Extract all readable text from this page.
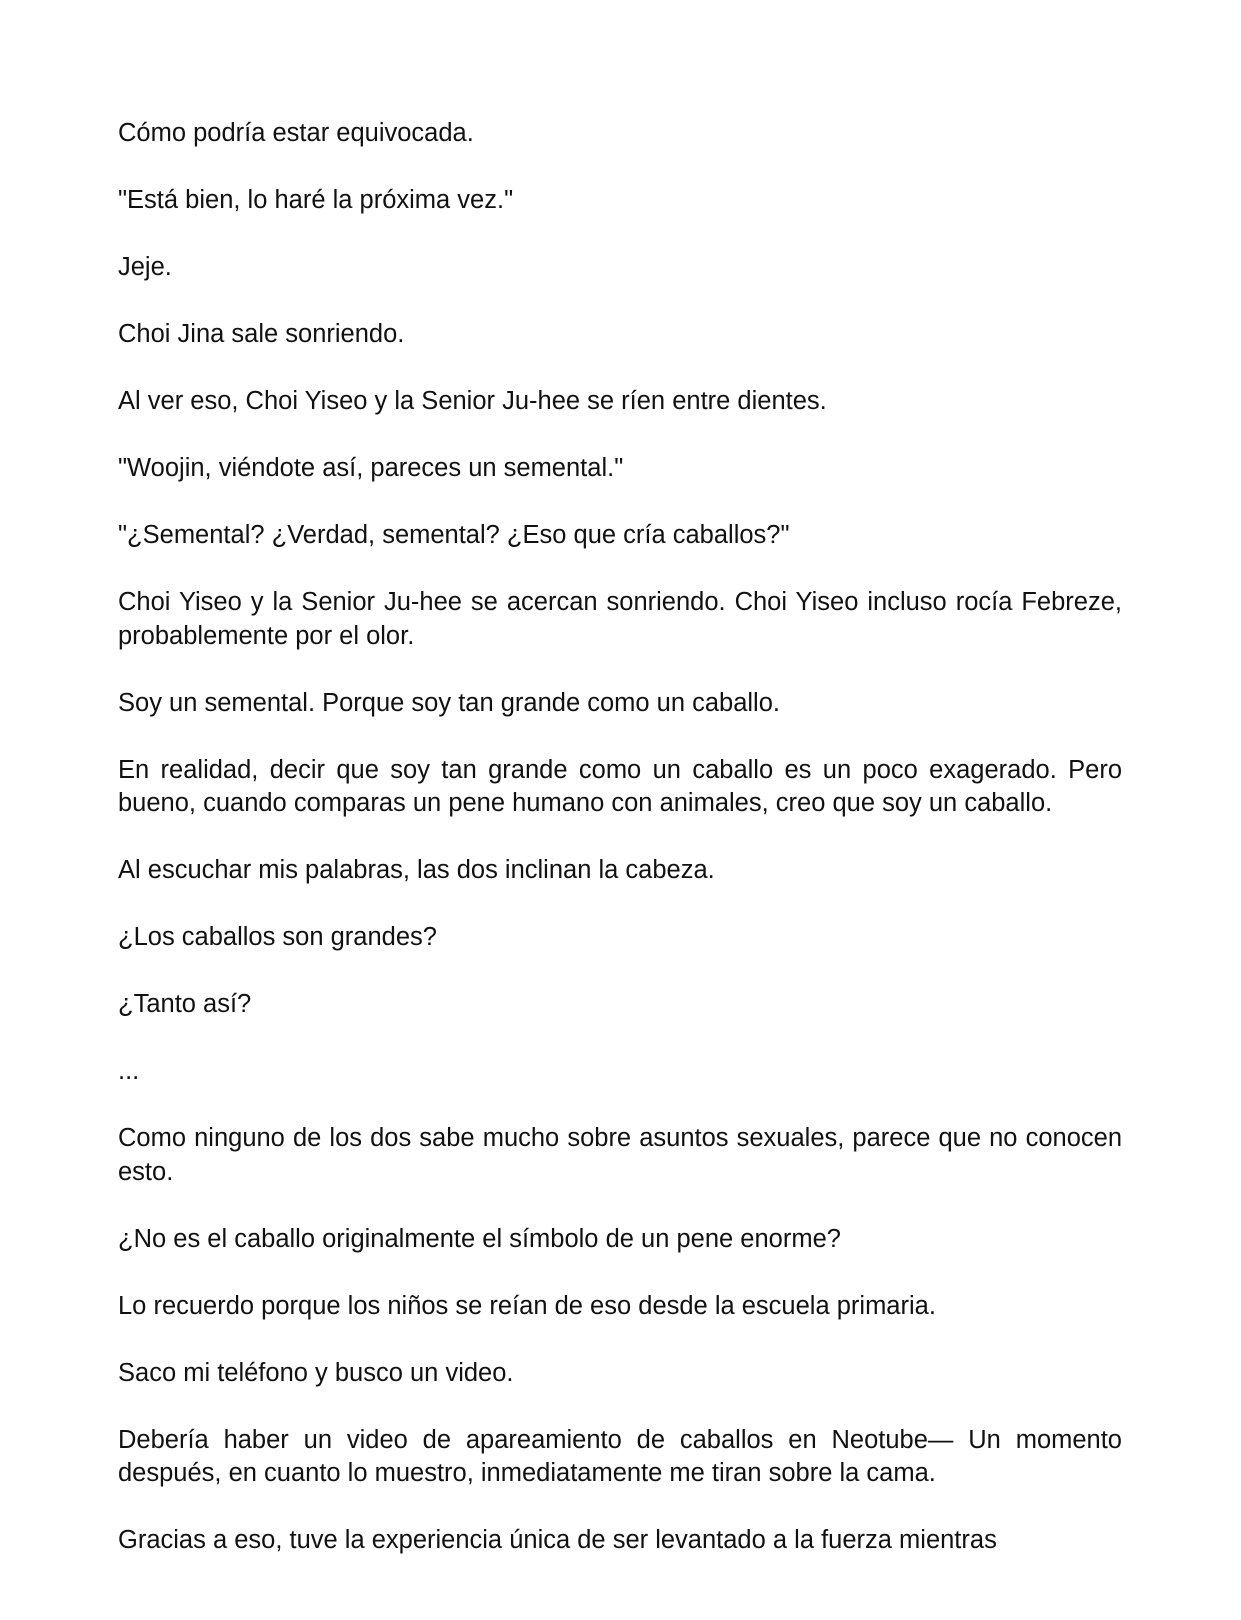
Cómo podría estar equivocada.

"Está bien, lo haré la próxima vez."

Jeje.

Choi Jina sale sonriendo.

Al ver eso, Choi Yiseo y la Senior Ju-hee se ríen entre dientes.

"Woojin, viéndote así, pareces un semental."

"¿Semental? ¿Verdad, semental? ¿Eso que cría caballos?"

Choi Yiseo y la Senior Ju-hee se acercan sonriendo. Choi Yiseo incluso rocía Febreze, probablemente por el olor.

Soy un semental. Porque soy tan grande como un caballo.

En realidad, decir que soy tan grande como un caballo es un poco exagerado. Pero bueno, cuando comparas un pene humano con animales, creo que soy un caballo.

Al escuchar mis palabras, las dos inclinan la cabeza.

¿Los caballos son grandes?

¿Tanto así?

...

Como ninguno de los dos sabe mucho sobre asuntos sexuales, parece que no conocen esto.

¿No es el caballo originalmente el símbolo de un pene enorme?

Lo recuerdo porque los niños se reían de eso desde la escuela primaria.

Saco mi teléfono y busco un video.

Debería haber un video de apareamiento de caballos en Neotube— Un momento después, en cuanto lo muestro, inmediatamente me tiran sobre la cama.

Gracias a eso, tuve la experiencia única de ser levantado a la fuerza mientras
